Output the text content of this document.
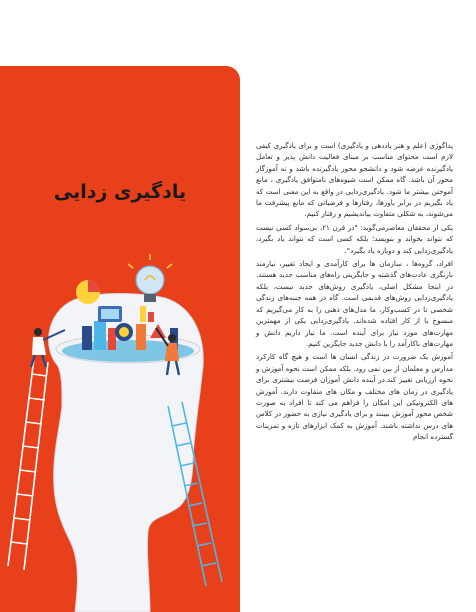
یادگیری زدایی

پداگوژی (علم و هنر یاددهی و یادگیری) است و برای یادگیری کیفی لازم است محتوای مناسب بر مبنای فعالیت دانش پذیر و تعامل یادگیرنده عرضه شود و دانشجو محور یادگیرنده باشد و نه آموزگار محور آن باشد. گاه ممکن است شیوه‌های نامتوافق یادگیری ، مانع آموختن بیشتر ما شود. یادگیری‌زدایی در واقع به این معنی است که یاد بگیریم در برابر باورها، رفتارها و فرضیاتی که مانع پیشرفت ما می‌شوند، به شکلی متفاوت بیاندیشیم و رفتار کنیم.

یکی از محققان معاصرمی‌گوید: "در قرن ۲۱، بی‌سواد کسی نیست که نتواند بخواند و بنویسد؛ بلکه کسی است که نتواند یاد بگیرد، یادگیری‌زدایی کند و دوباره یاد بگیرد".

افراد، گروه‌ها ، سازمان ها برای کارآمدی و ایجاد تغییر، نیازمند بازنگری عادت‌های گذشته و جایگزینی راه‌های مناسب جدید هستند. در اینجا مشکل اصلی، یادگیری روش‌های جدید نیست، بلکه یادگیری‌زدایی روش‌های قدیمی است. گاه در همه جنبه‌های زندگی شخصی تا در کسب‌وکار، ما مدل‌های ذهنی را به کار می‌گیریم که منسوخ یا از کار افتاده شده‌اند. یادگیری‌زدایی یکی از مهمترین مهارت‌های مورد نیاز برای آینده است. ما نیاز داریم دانش و مهارت‌های ناکارآمد را با دانش جدید جایگزین کنیم.

آموزش یک ضرورت در زندگی انسان ها است و هیچ گاه کارکرد مدارس و معلمان از بین نمی رود. بلکه ممکن است نحوه آموزش و نحوه ارزیابی تغییر کند.در آینده دانش آموزان فرصت بیشتری برای یادگیری در زمان های مختلف و مکان های متفاوت دارند. آموزش های الکترونیکی این امکان را فراهم می کند تا افراد به صورت شخص محور آموزش ببینند و برای یادگیری نیازی به حضور در کلاس های درس نداشته باشند. آموزش به کمک ابزارهای تازه و تمرینات گسترده انجام
